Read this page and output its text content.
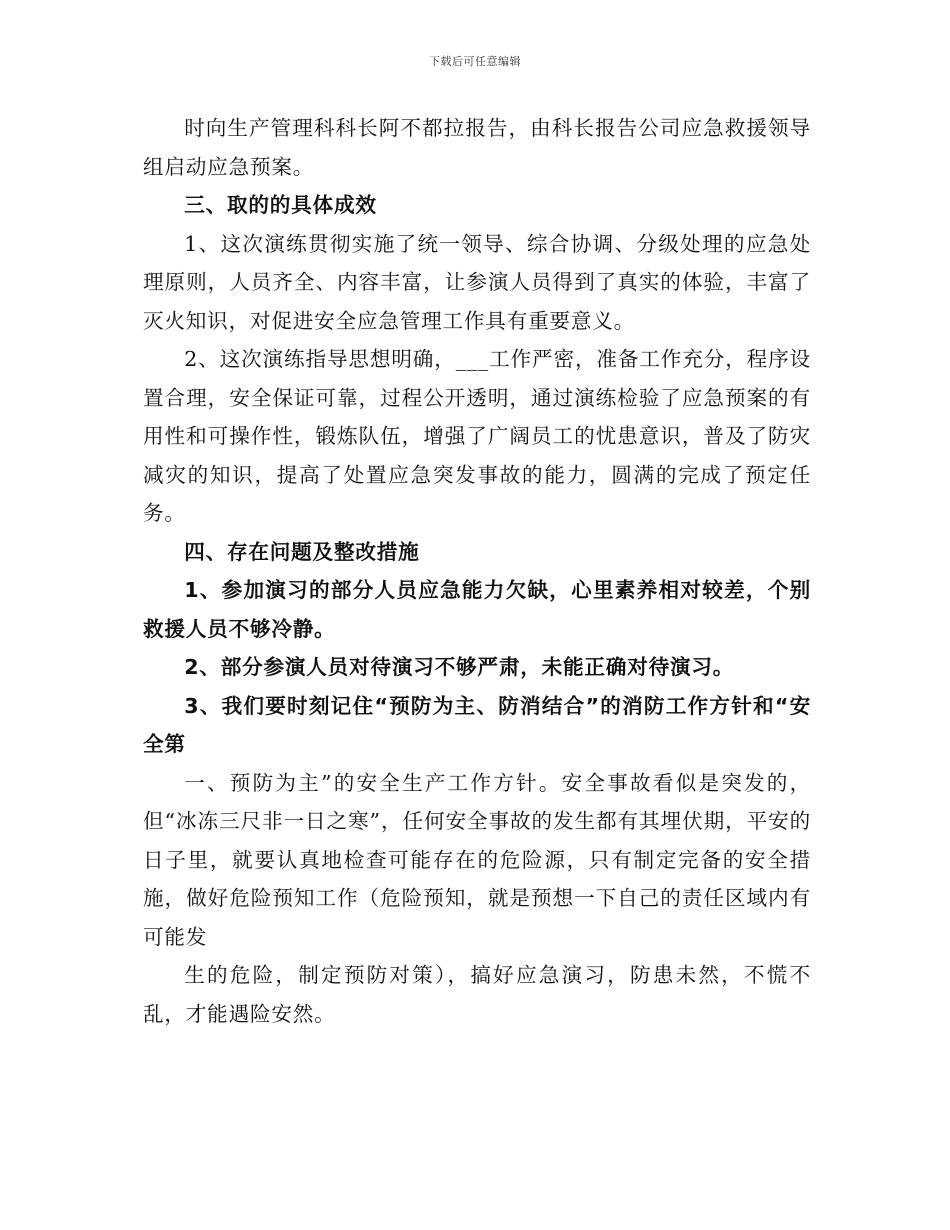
下载后可任意编辑

时向生产管理科科长阿不都拉报告，由科长报告公司应急救援领导组启动应急预案。

三、取的的具体成效

1、这次演练贯彻实施了统一领导、综合协调、分级处理的应急处理原则，人员齐全、内容丰富，让参演人员得到了真实的体验，丰富了灭火知识，对促进安全应急管理工作具有重要意义。

2、这次演练指导思想明确，___工作严密，准备工作充分，程序设置合理，安全保证可靠，过程公开透明，通过演练检验了应急预案的有用性和可操作性，锻炼队伍，增强了广阔员工的忧患意识，普及了防灾减灾的知识，提高了处置应急突发事故的能力，圆满的完成了预定任务。

四、存在问题及整改措施

1、参加演习的部分人员应急能力欠缺，心里素养相对较差，个别救援人员不够冷静。

2、部分参演人员对待演习不够严肃，未能正确对待演习。

3、我们要时刻记住“预防为主、防消结合”的消防工作方针和“安全第

一、预防为主”的安全生产工作方针。安全事故看似是突发的，但“冰冻三尺非一日之寒”，任何安全事故的发生都有其埋伏期，平安的日子里，就要认真地检查可能存在的危险源，只有制定完备的安全措施，做好危险预知工作（危险预知，就是预想一下自己的责任区域内有可能发

生的危险，制定预防对策），搞好应急演习，防患未然，不慌不乱，才能遇险安然。
